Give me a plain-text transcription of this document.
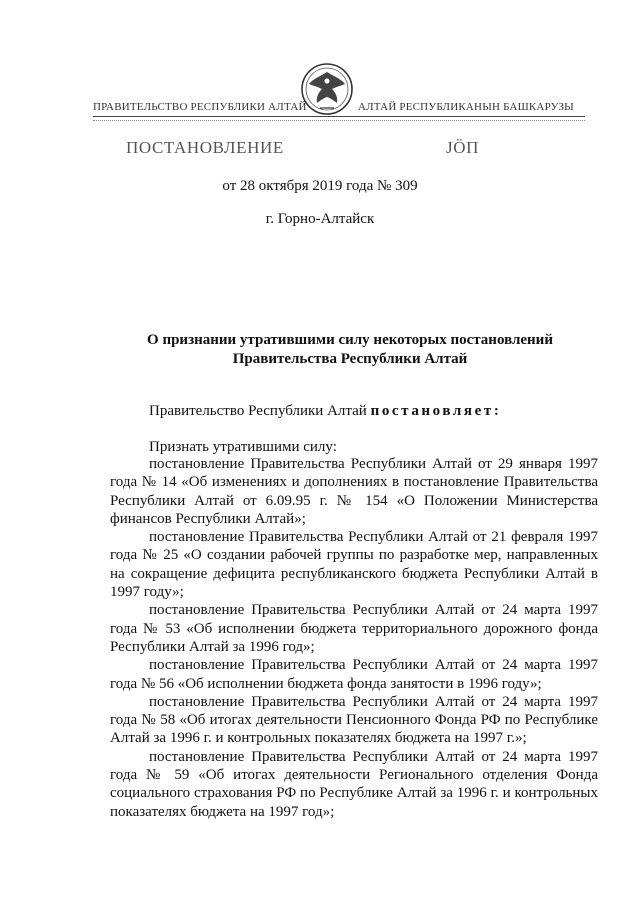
ПРАВИТЕЛЬСТВО РЕСПУБЛИКИ АЛТАЙ	АЛТАЙ РЕСПУБЛИКАНЫН БАШКАРУЗЫ
ПОСТАНОВЛЕНИЕ	ЈÖП
от 28 октября 2019 года № 309
г. Горно-Алтайск
О признании утратившими силу некоторых постановлений
Правительства Республики Алтай
Правительство Республики Алтай постановляет:
Признать утратившими силу:

постановление Правительства Республики Алтай от 29 января 1997 года № 14 «Об изменениях и дополнениях в постановление Правительства Республики Алтай от 6.09.95 г. № 154 «О Положении Министерства финансов Республики Алтай»;

постановление Правительства Республики Алтай от 21 февраля 1997 года № 25 «О создании рабочей группы по разработке мер, направленных на сокращение дефицита республиканского бюджета Республики Алтай в 1997 году»;

постановление Правительства Республики Алтай от 24 марта 1997 года № 53 «Об исполнении бюджета территориального дорожного фонда Республики Алтай за 1996 год»;

постановление Правительства Республики Алтай от 24 марта 1997 года № 56 «Об исполнении бюджета фонда занятости в 1996 году»;

постановление Правительства Республики Алтай от 24 марта 1997 года № 58 «Об итогах деятельности Пенсионного Фонда РФ по Республике Алтай за 1996 г. и контрольных показателях бюджета на 1997 г.»;

постановление Правительства Республики Алтай от 24 марта 1997 года № 59 «Об итогах деятельности Регионального отделения Фонда социального страхования РФ по Республике Алтай за 1996 г. и контрольных показателях бюджета на 1997 год»;
